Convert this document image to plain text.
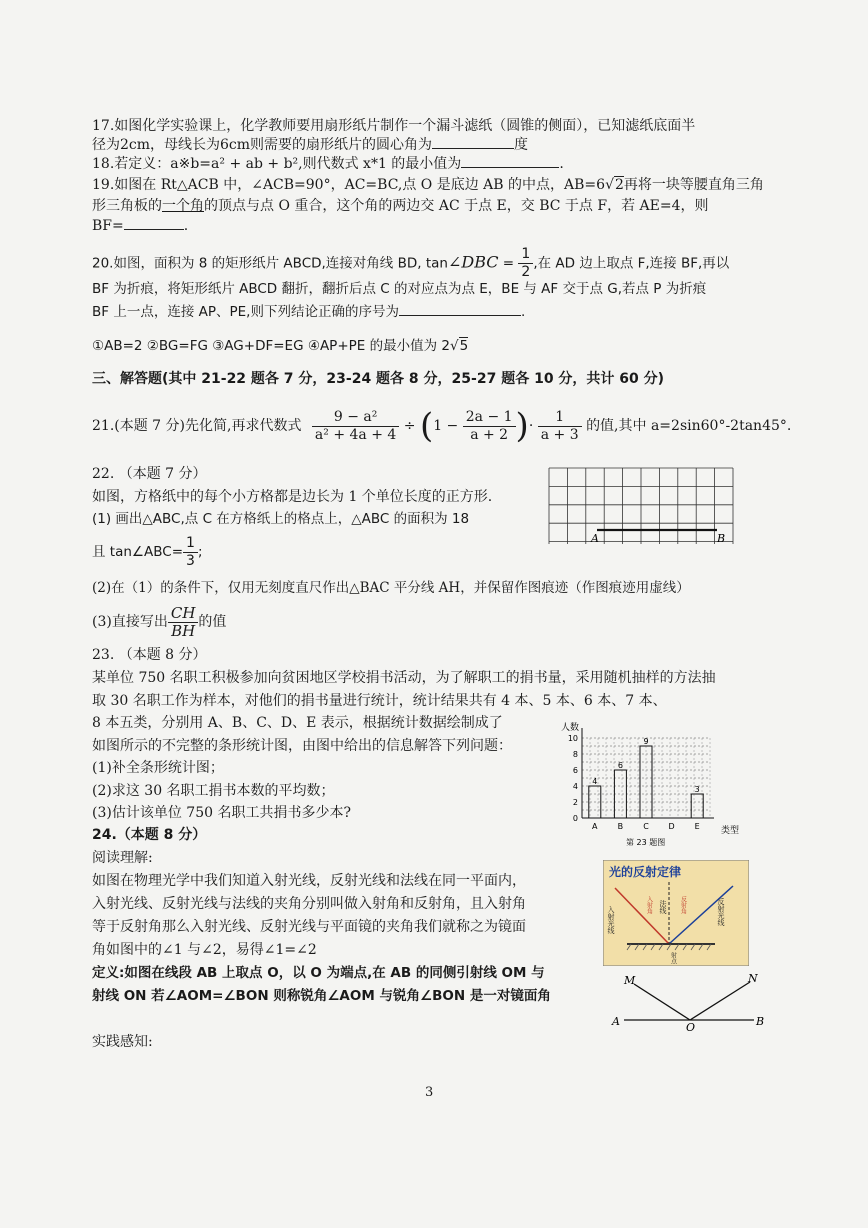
17.如图化学实验课上，化学教师要用扇形纸片制作一个漏斗滤纸（圆锥的侧面），已知滤纸底面半
径为2cm，母线长为6cm则需要的扇形纸片的圆心角为	度
18.若定义：a※b=a² + ab + b²,则代数式 x*1 的最小值为	.
19.如图在 Rt△ACB 中，∠ACB=90°，AC=BC,点 O 是底边 AB 的中点，AB=6√2再将一块等腰直角三角
形三角板的一个角的顶点与点 O 重合，这个角的两边交 AC 于点 E，交 BC 于点 F，若 AE=4，则
BF=	.
20.如图，面积为 8 的矩形纸片 ABCD,连接对角线 BD, tan∠DBC = $\frac{1}{2}$ ,在 AD 边上取点 F,连接 BF,再以
BF 为折痕，将矩形纸片 ABCD 翻折，翻折后点 C 的对应点为点 E，BE 与 AF 交于点 G,若点 P 为折痕
BF 上一点，连接 AP、PE,则下列结论正确的序号为	.
①AB=2 ②BG=FG ③AG+DF=EG ④AP+PE 的最小值为 2√5
三、解答题(其中 21-22 题各 7 分，23-24 题各 8 分，25-27 题各 10 分，共计 60 分)
21.(本题 7 分)先化简,再求代数式 $\frac{\text{9 − a²}}{\text{a² + 4a + 4}} \div (1 - \frac{2a - 1}{a + 2}$ )· $\frac{1}{a + 3}$ 的值,其中 a=2sin60°-2tan45°.
22. （本题 7 分）
如图，方格纸中的每个小方格都是边长为 1 个单位长度的正方形.
(1) 画出△ABC,点 C 在方格纸上的格点上，△ABC 的面积为 18
且 tan∠ABC= $\frac{1}{3}$ ;
(2)在（1）的条件下，仅用无刻度直尺作出△BAC 平分线 AH，并保留作图痕迹（作图痕迹用虚线）
(3)直接写出 $\frac{CH}{BH}$ 的值
A	B
23. （本题 8 分）
某单位 750 名职工积极参加向贫困地区学校捐书活动，为了解职工的捐书量，采用随机抽样的方法抽
取 30 名职工作为样本，对他们的捐书量进行统计，统计结果共有 4 本、5 本、6 本、7 本、
8 本五类，分别用 A、B、C、D、E 表示，根据统计数据绘制成了
如图所示的不完整的条形统计图，由图中给出的信息解答下列问题：
(1)补全条形统计图；
(2)求这 30 名职工捐书本数的平均数；
(3)估计该单位 750 名职工共捐书多少本?
人数
0
2
4
6
8
10
4
6
9
3
A	B	C D E 类型
第 23 题图
24.（本题 8 分）
阅读理解:
如图在物理光学中我们知道入射光线，反射光线和法线在同一平面内，
入射光线、反射光线与法线的夹角分别叫做入射角和反射角，且入射角
等于反射角那么入射光线、反射光线与平面镜的夹角我们就称之为镜面
角如图中的∠1 与∠2，易得∠1=∠2
定义:如图在线段 AB 上取点 O，以 O 为端点,在 AB 的同侧引射线 OM 与
射线 ON 若∠AOM=∠BON 则称锐角∠AOM 与锐角∠BON 是一对镜面角
实践感知:
光的反射定律
法线
入射角	反射角
入射光线	反射光线
射点
M	N
A	O	B
3
